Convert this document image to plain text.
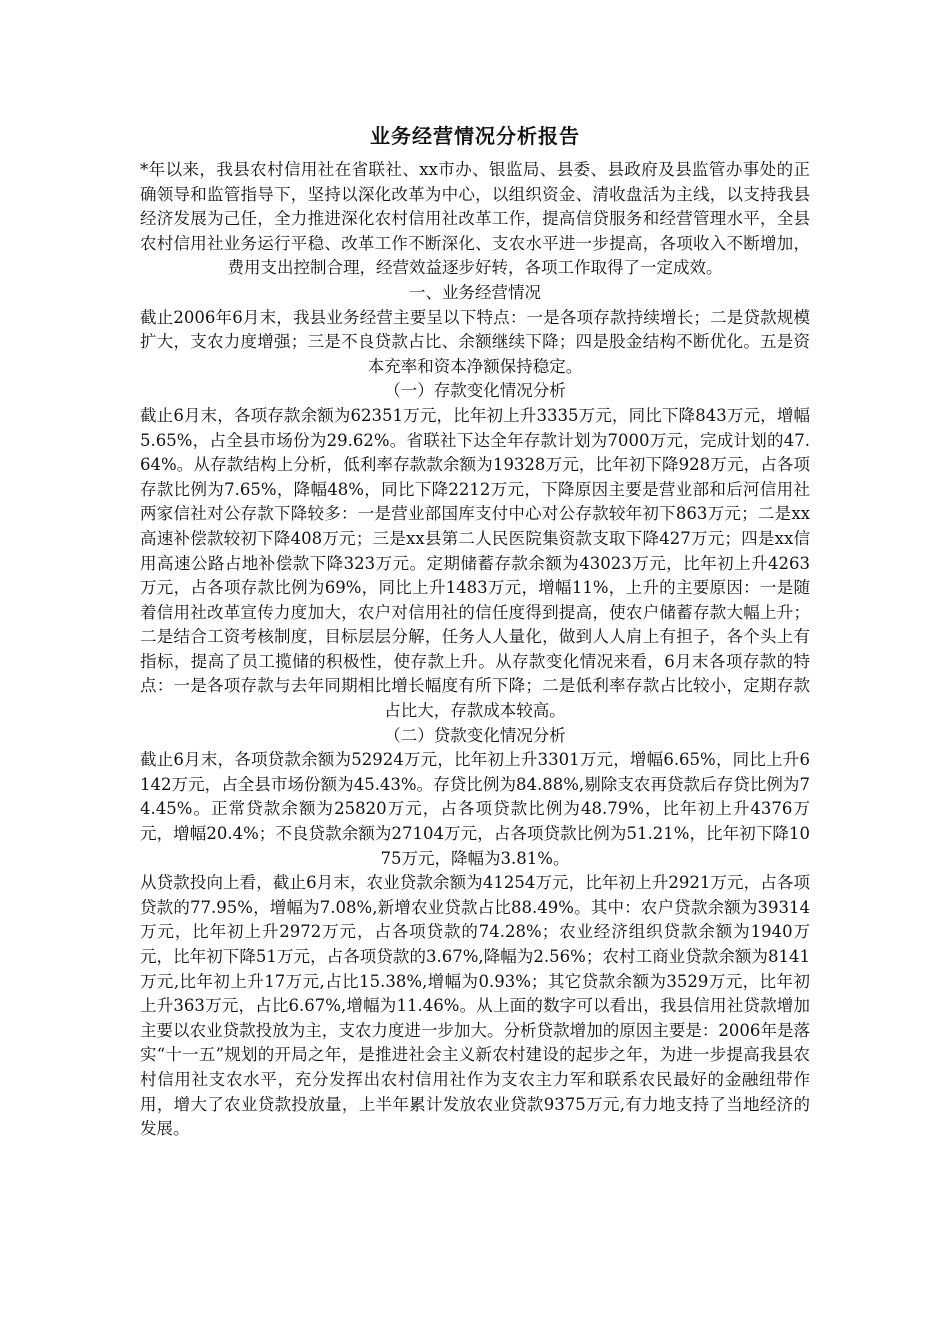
业务经营情况分析报告

*年以来，我县农村信用社在省联社、xx市办、银监局、县委、县政府及县监管办事处的正确领导和监管指导下，坚持以深化改革为中心，以组织资金、清收盘活为主线，以支持我县经济发展为己任，全力推进深化农村信用社改革工作，提高信贷服务和经营管理水平，全县农村信用社业务运行平稳、改革工作不断深化、支农水平进一步提高，各项收入不断增加，费用支出控制合理，经营效益逐步好转，各项工作取得了一定成效。

一、业务经营情况

截止2006年6月末，我县业务经营主要呈以下特点：一是各项存款持续增长；二是贷款规模扩大，支农力度增强；三是不良贷款占比、余额继续下降；四是股金结构不断优化。五是资本充率和资本净额保持稳定。

（一）存款变化情况分析

截止6月末，各项存款余额为62351万元，比年初上升3335万元，同比下降843万元，增幅5.65%，占全县市场份为29.62%。省联社下达全年存款计划为7000万元，完成计划的47.64%。从存款结构上分析，低利率存款款余额为19328万元，比年初下降928万元，占各项存款比例为7.65%，降幅48%，同比下降2212万元，下降原因主要是营业部和后河信用社两家信社对公存款下降较多：一是营业部国库支付中心对公存款较年初下863万元；二是xx高速补偿款较初下降408万元；三是xx县第二人民医院集资款支取下降427万元；四是xx信用高速公路占地补偿款下降323万元。定期储蓄存款余额为43023万元，比年初上升4263万元，占各项存款比例为69%，同比上升1483万元，增幅11%，上升的主要原因：一是随着信用社改革宣传力度加大，农户对信用社的信任度得到提高，使农户储蓄存款大幅上升；二是结合工资考核制度，目标层层分解，任务人人量化，做到人人肩上有担子，各个头上有指标，提高了员工揽储的积极性，使存款上升。从存款变化情况来看，6月末各项存款的特点：一是各项存款与去年同期相比增长幅度有所下降；二是低利率存款占比较小，定期存款占比大，存款成本较高。

（二）贷款变化情况分析

截止6月末，各项贷款余额为52924万元，比年初上升3301万元，增幅6.65%，同比上升6142万元，占全县市场份额为45.43%。存贷比例为84.88%,剔除支农再贷款后存贷比例为74.45%。正常贷款余额为25820万元，占各项贷款比例为48.79%，比年初上升4376万元，增幅20.4%；不良贷款余额为27104万元，占各项贷款比例为51.21%，比年初下降1075万元，降幅为3.81%。

从贷款投向上看，截止6月末，农业贷款余额为41254万元，比年初上升2921万元，占各项贷款的77.95%，增幅为7.08%,新增农业贷款占比88.49%。其中：农户贷款余额为39314万元，比年初上升2972万元，占各项贷款的74.28%；农业经济组织贷款余额为1940万元，比年初下降51万元，占各项贷款的3.67%,降幅为2.56%；农村工商业贷款余额为8141万元,比年初上升17万元,占比15.38%,增幅为0.93%；其它贷款余额为3529万元，比年初上升363万元，占比6.67%,增幅为11.46%。从上面的数字可以看出，我县信用社贷款增加主要以农业贷款投放为主，支农力度进一步加大。分析贷款增加的原因主要是：2006年是落实“十一五”规划的开局之年，是推进社会主义新农村建设的起步之年，为进一步提高我县农村信用社支农水平，充分发挥出农村信用社作为支农主力军和联系农民最好的金融纽带作用，增大了农业贷款投放量，上半年累计发放农业贷款9375万元,有力地支持了当地经济的发展。
